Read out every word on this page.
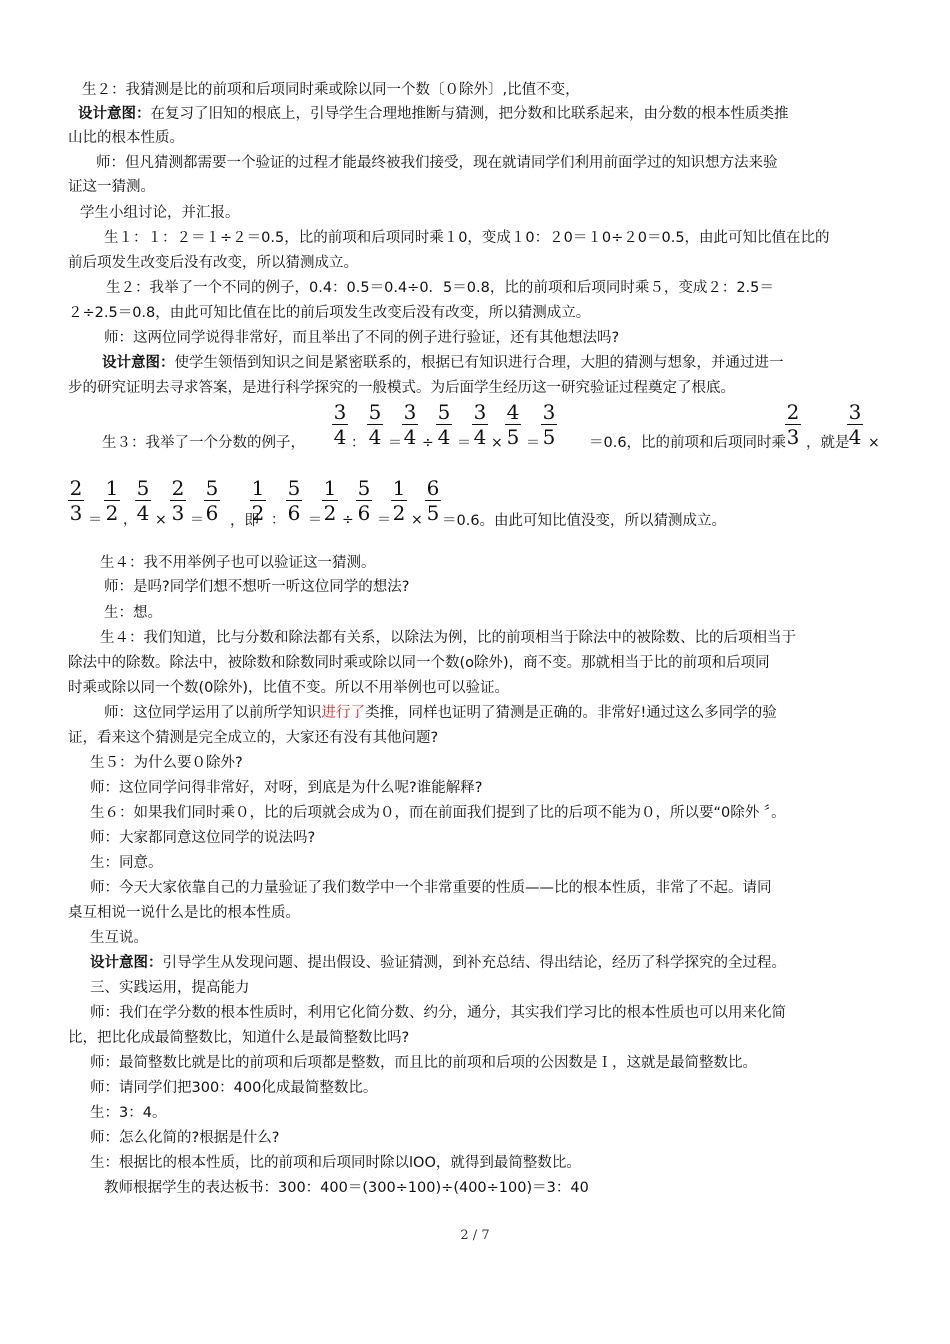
生２：我猜测是比的前项和后项同时乘或除以同一个数〔０除外〕,比值不变，
设计意图：在复习了旧知的根底上，引导学生合理地推断与猜测，把分数和比联系起来，由分数的根本性质类推
山比的根本性质。
师：但凡猜测都需要一个验证的过程才能最终被我们接受，现在就请同学们利用前面学过的知识想方法来验
证这一猜测。
学生小组讨论，并汇报。
生１：１：２＝１÷２＝0.5，比的前项和后项同时乘１0，变成１0：２0＝１0÷２0＝0.5，由此可知比值在比的
前后项发生改变后没有改变，所以猜测成立。
生２：我举了一个不同的例子，0.4：0.5＝0.4÷0．5＝0.8，比的前项和后项同时乘５，变成２：2.5＝
２÷2.5＝0.8，由此可知比值在比的前后项发生改变后没有改变，所以猜测成立。
师：这两位同学说得非常好，而且举出了不同的例子进行验证，还有其他想法吗?
设计意图：使学生领悟到知识之间是紧密联系的，根据已有知识进行合理，大胆的猜测与想象，并通过进一
步的研究证明去寻求答案，是进行科学探究的一般模式。为后面学生经历这一研究验证过程奠定了根底。
生３：我举了一个分数的例子，
3
4
5
4
3
4
5
4
3
4
4
5
3
5
2
3
3
4
： ＝ ÷ ＝ × ＝	×
＝0.6，比的前项和后项同时乘 ，就是
2
3
1
2
5
4
2
3
5
6
1
2
5
6
1
2
5
6
1
2
6
5
＝ ， × ＝	： ＝ ÷ ＝ ×
，即	＝0.6。由此可知比值没变，所以猜测成立。
生４：我不用举例子也可以验证这一猜测。
师：是吗?同学们想不想听一听这位同学的想法?
生：想。
生４：我们知道，比与分数和除法都有关系，以除法为例，比的前项相当于除法中的被除数、比的后项相当于
除法中的除数。除法中，被除数和除数同时乘或除以同一个数(o除外)，商不变。那就相当于比的前项和后项同
时乘或除以同一个数(0除外)，比值不变。所以不用举例也可以验证。
师：这位同学运用了以前所学知识进行了类推，同样也证明了猜测是正确的。非常好!通过这么多同学的验
证，看来这个猜测是完全成立的，大家还有没有其他问题?
生５：为什么要０除外?
师：这位同学问得非常好，对呀，到底是为什么呢?谁能解释?
生６：如果我们同时乘０，比的后项就会成为０，而在前面我们提到了比的后项不能为０，所以要“0除外 〞。
师：大家都同意这位同学的说法吗?
生：同意。
师：今天大家依靠自己的力量验证了我们数学中一个非常重要的性质——比的根本性质，非常了不起。请同
桌互相说一说什么是比的根本性质。
生互说。
设计意图：引导学生从发现问题、提出假设、验证猜测，到补充总结、得出结论，经历了科学探究的全过程。
三、实践运用，提高能力
师：我们在学分数的根本性质时，利用它化简分数、约分，通分，其实我们学习比的根本性质也可以用来化简
比，把比化成最简整数比，知道什么是最简整数比吗?
师：最简整数比就是比的前项和后项都是整数，而且比的前项和后项的公因数是Ｉ，这就是最简整数比。
师：请同学们把300：400化成最简整数比。
生：3：4。
师：怎么化简的?根据是什么?
生：根据比的根本性质，比的前项和后项同时除以lOO，就得到最简整数比。
教师根据学生的表达板书：300：400＝(300÷100)÷(400÷100)＝3：40
2 / 7
